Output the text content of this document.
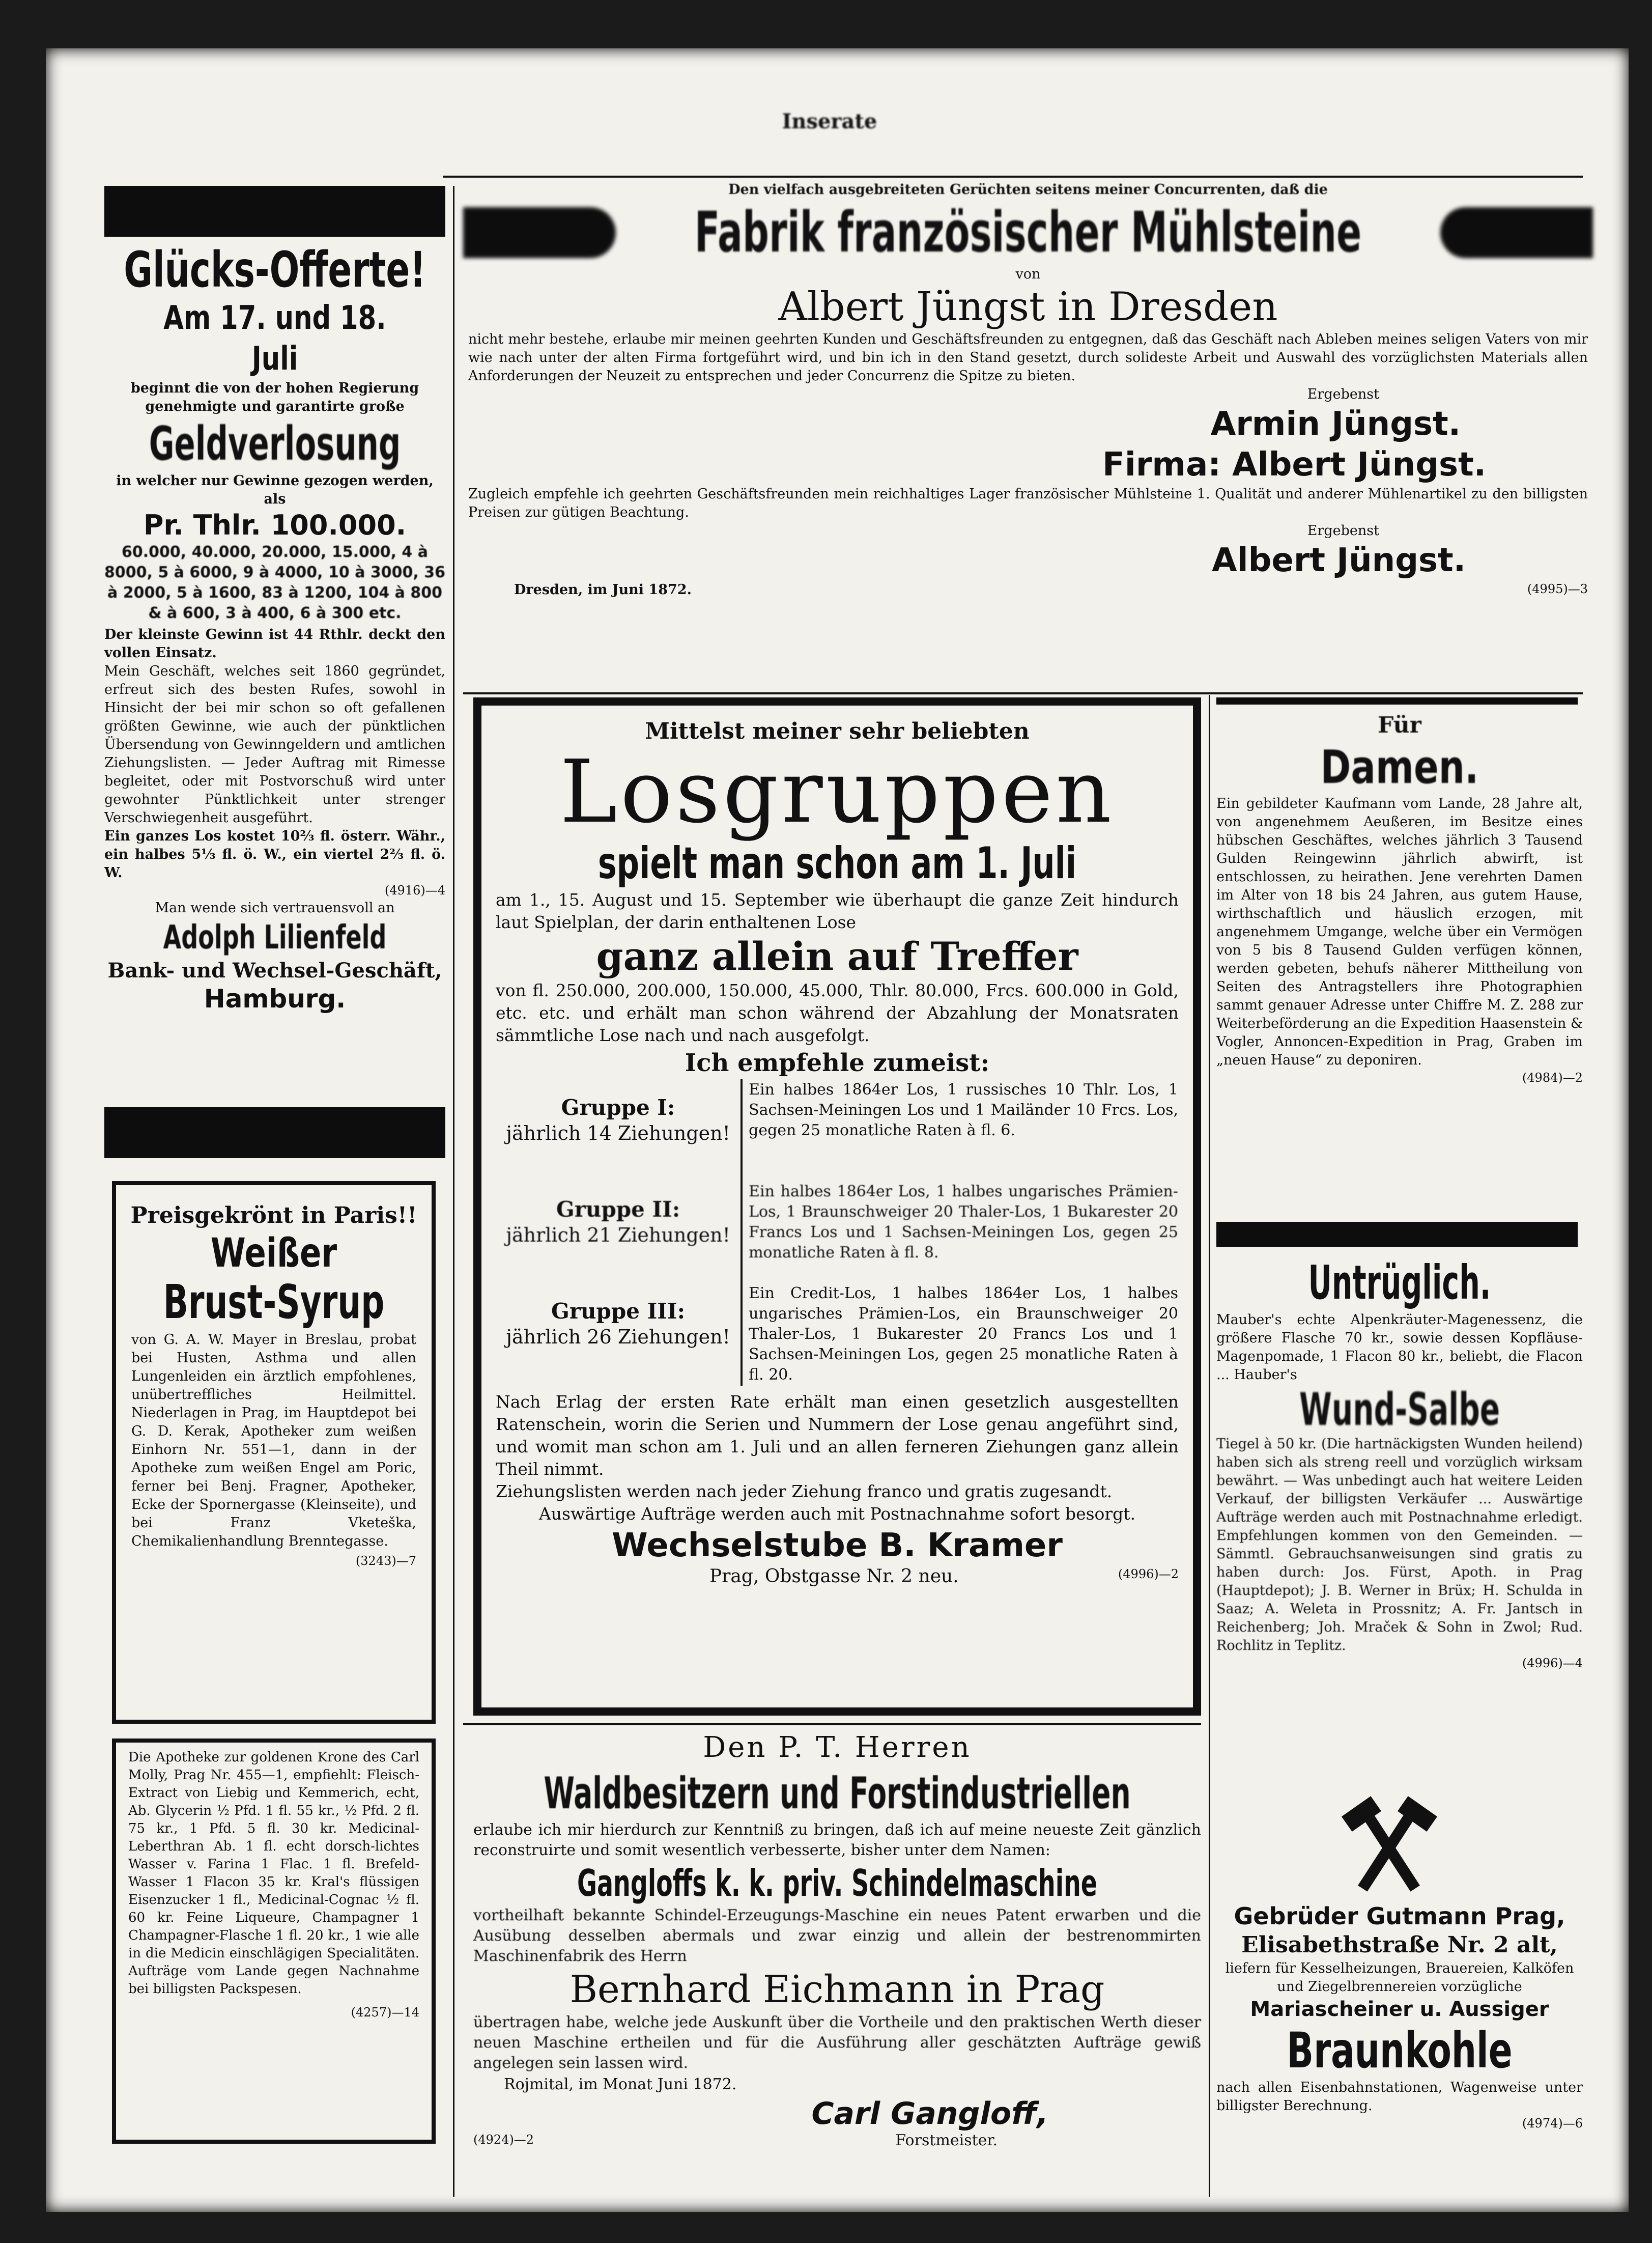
Inserate
Glücks-Offerte!
Am 17. und 18. Juli
beginnt die von der hohen Regierung genehmigte und garantirte große
Geldverlosung
in welcher nur Gewinne gezogen werden, als
Pr. Thlr. 100.000.
60.000, 40.000, 20.000, 15.000, 4 à 8000, 5 à 6000, 9 à 4000, 10 à 3000, 36 à 2000, 5 à 1600, 83 à 1200, 104 à 800 & à 600, 3 à 400, 6 à 300 etc.
Der kleinste Gewinn ist 44 Rthlr. deckt den vollen Einsatz.
Mein Geschäft, welches seit 1860 gegründet, erfreut sich des besten Rufes, sowohl in Hinsicht der bei mir schon so oft gefallenen größten Gewinne, wie auch der pünktlichen Übersendung von Gewinngeldern und amtlichen Ziehungslisten. — Jeder Auftrag mit Rimesse begleitet, oder mit Postvorschuß wird unter gewohnter Pünktlichkeit unter strenger Verschwiegenheit ausgeführt.
Ein ganzes Los kostet 10⅔ fl. österr. Währ., ein halbes 5⅓ fl. ö. W., ein viertel 2⅔ fl. ö. W.
(4916)—4
Man wende sich vertrauensvoll an
Adolph Lilienfeld
Bank- und Wechsel-Geschäft,
Hamburg.
Preisgekrönt in Paris!!
Weißer
Brust-Syrup
von G. A. W. Mayer in Breslau, probat bei Husten, Asthma und allen Lungenleiden ein ärztlich empfohlenes, unübertreffliches Heilmittel. Niederlagen in Prag, im Hauptdepot bei G. D. Kerak, Apotheker zum weißen Einhorn Nr. 551—1, dann in der Apotheke zum weißen Engel am Poric, ferner bei Benj. Fragner, Apotheker, Ecke der Spornergasse (Kleinseite), und bei Franz Vketeška, Chemikalienhandlung Brenntegasse.
(3243)—7
Die Apotheke zur goldenen Krone des Carl Molly, Prag Nr. 455—1, empfiehlt: Fleisch-Extract von Liebig und Kemmerich, echt, Ab. Glycerin ½ Pfd. 1 fl. 55 kr., ½ Pfd. 2 fl. 75 kr., 1 Pfd. 5 fl. 30 kr. Medicinal-Leberthran Ab. 1 fl. echt dorsch-lichtes Wasser v. Farina 1 Flac. 1 fl. Brefeld-Wasser 1 Flacon 35 kr. Kral's flüssigen Eisenzucker 1 fl., Medicinal-Cognac ½ fl. 60 kr. Feine Liqueure, Champagner 1 Champagner-Flasche 1 fl. 20 kr., 1 wie alle in die Medicin einschlägigen Specialitäten. Aufträge vom Lande gegen Nachnahme bei billigsten Packspesen.
(4257)—14
Den vielfach ausgebreiteten Gerüchten seitens meiner Concurrenten, daß die
Fabrik französischer Mühlsteine
von
Albert Jüngst in Dresden
nicht mehr bestehe, erlaube mir meinen geehrten Kunden und Geschäftsfreunden zu entgegnen, daß das Geschäft nach Ableben meines seligen Vaters von mir wie nach unter der alten Firma fortgeführt wird, und bin ich in den Stand gesetzt, durch solideste Arbeit und Auswahl des vorzüglichsten Materials allen Anforderungen der Neuzeit zu entsprechen und jeder Concurrenz die Spitze zu bieten.
Ergebenst
Armin Jüngst.
Firma: Albert Jüngst.
Zugleich empfehle ich geehrten Geschäftsfreunden mein reichhaltiges Lager französischer Mühlsteine 1. Qualität und anderer Mühlenartikel zu den billigsten Preisen zur gütigen Beachtung.
Ergebenst
Albert Jüngst.
Dresden, im Juni 1872.	(4995)—3
Mittelst meiner sehr beliebten
Losgruppen
spielt man schon am 1. Juli
am 1., 15. August und 15. September wie überhaupt die ganze Zeit hindurch laut Spielplan, der darin enthaltenen Lose
ganz allein auf Treffer
von fl. 250.000, 200.000, 150.000, 45.000, Thlr. 80.000, Frcs. 600.000 in Gold, etc. etc. und erhält man schon während der Abzahlung der Monatsraten sämmtliche Lose nach und nach ausgefolgt.
Ich empfehle zumeist:
Gruppe I:
jährlich 14 Ziehungen!	Ein halbes 1864er Los, 1 russisches 10 Thlr. Los, 1 Sachsen-Meiningen Los und 1 Mailänder 10 Frcs. Los, gegen 25 monatliche Raten à fl. 6.

Gruppe II:
jährlich 21 Ziehungen!	Ein halbes 1864er Los, 1 halbes ungarisches Prämien-Los, 1 Braunschweiger 20 Thaler-Los, 1 Bukarester 20 Francs Los und 1 Sachsen-Meiningen Los, gegen 25 monatliche Raten à fl. 8.

Gruppe III:
jährlich 26 Ziehungen!	Ein Credit-Los, 1 halbes 1864er Los, 1 halbes ungarisches Prämien-Los, ein Braunschweiger 20 Thaler-Los, 1 Bukarester 20 Francs Los und 1 Sachsen-Meiningen Los, gegen 25 monatliche Raten à fl. 20.
Nach Erlag der ersten Rate erhält man einen gesetzlich ausgestellten Ratenschein, worin die Serien und Nummern der Lose genau angeführt sind, und womit man schon am 1. Juli und an allen ferneren Ziehungen ganz allein Theil nimmt.
Ziehungslisten werden nach jeder Ziehung franco und gratis zugesandt.
Auswärtige Aufträge werden auch mit Postnachnahme sofort besorgt.
Wechselstube B. Kramer
Prag, Obstgasse Nr. 2 neu.	(4996)—2
Den P. T. Herren
Waldbesitzern und Forstindustriellen
erlaube ich mir hierdurch zur Kenntniß zu bringen, daß ich auf meine neueste Zeit gänzlich reconstruirte und somit wesentlich verbesserte, bisher unter dem Namen:
Gangloffs k. k. priv. Schindelmaschine
vortheilhaft bekannte Schindel-Erzeugungs-Maschine ein neues Patent erwarben und die Ausübung desselben abermals und zwar einzig und allein der bestrenommirten Maschinenfabrik des Herrn
Bernhard Eichmann in Prag
übertragen habe, welche jede Auskunft über die Vortheile und den praktischen Werth dieser neuen Maschine ertheilen und für die Ausführung aller geschätzten Aufträge gewiß angelegen sein lassen wird.
Rojmital, im Monat Juni 1872.
Carl Gangloff,
(4924)—2	Forstmeister.
Für
Damen.
Ein gebildeter Kaufmann vom Lande, 28 Jahre alt, von angenehmem Aeußeren, im Besitze eines hübschen Geschäftes, welches jährlich 3 Tausend Gulden Reingewinn jährlich abwirft, ist entschlossen, zu heirathen. Jene verehrten Damen im Alter von 18 bis 24 Jahren, aus gutem Hause, wirthschaftlich und häuslich erzogen, mit angenehmem Umgange, welche über ein Vermögen von 5 bis 8 Tausend Gulden verfügen können, werden gebeten, behufs näherer Mittheilung von Seiten des Antragstellers ihre Photographien sammt genauer Adresse unter Chiffre M. Z. 288 zur Weiterbeförderung an die Expedition Haasenstein & Vogler, Annoncen-Expedition in Prag, Graben im „neuen Hause“ zu deponiren.
(4984)—2
Untrüglich.
Mauber's echte Alpenkräuter-Magenessenz, die größere Flasche 70 kr., sowie dessen Kopfläuse-Magenpomade, 1 Flacon 80 kr., beliebt, die Flacon ... Hauber's
Wund-Salbe
Tiegel à 50 kr. (Die hartnäckigsten Wunden heilend) haben sich als streng reell und vorzüglich wirksam bewährt. — Was unbedingt auch hat weitere Leiden Verkauf, der billigsten Verkäufer ... Auswärtige Aufträge werden auch mit Postnachnahme erledigt. Empfehlungen kommen von den Gemeinden. — Sämmtl. Gebrauchsanweisungen sind gratis zu haben durch: Jos. Fürst, Apoth. in Prag (Hauptdepot); J. B. Werner in Brüx; H. Schulda in Saaz; A. Weleta in Prossnitz; A. Fr. Jantsch in Reichenberg; Joh. Mraček & Sohn in Zwol; Rud. Rochlitz in Teplitz.
(4996)—4
Gebrüder Gutmann Prag,
Elisabethstraße Nr. 2 alt,
liefern für Kesselheizungen, Brauereien, Kalköfen und Ziegelbrennereien vorzügliche
Mariascheiner u. Aussiger
Braunkohle
nach allen Eisenbahnstationen, Wagenweise unter billigster Berechnung.
(4974)—6
